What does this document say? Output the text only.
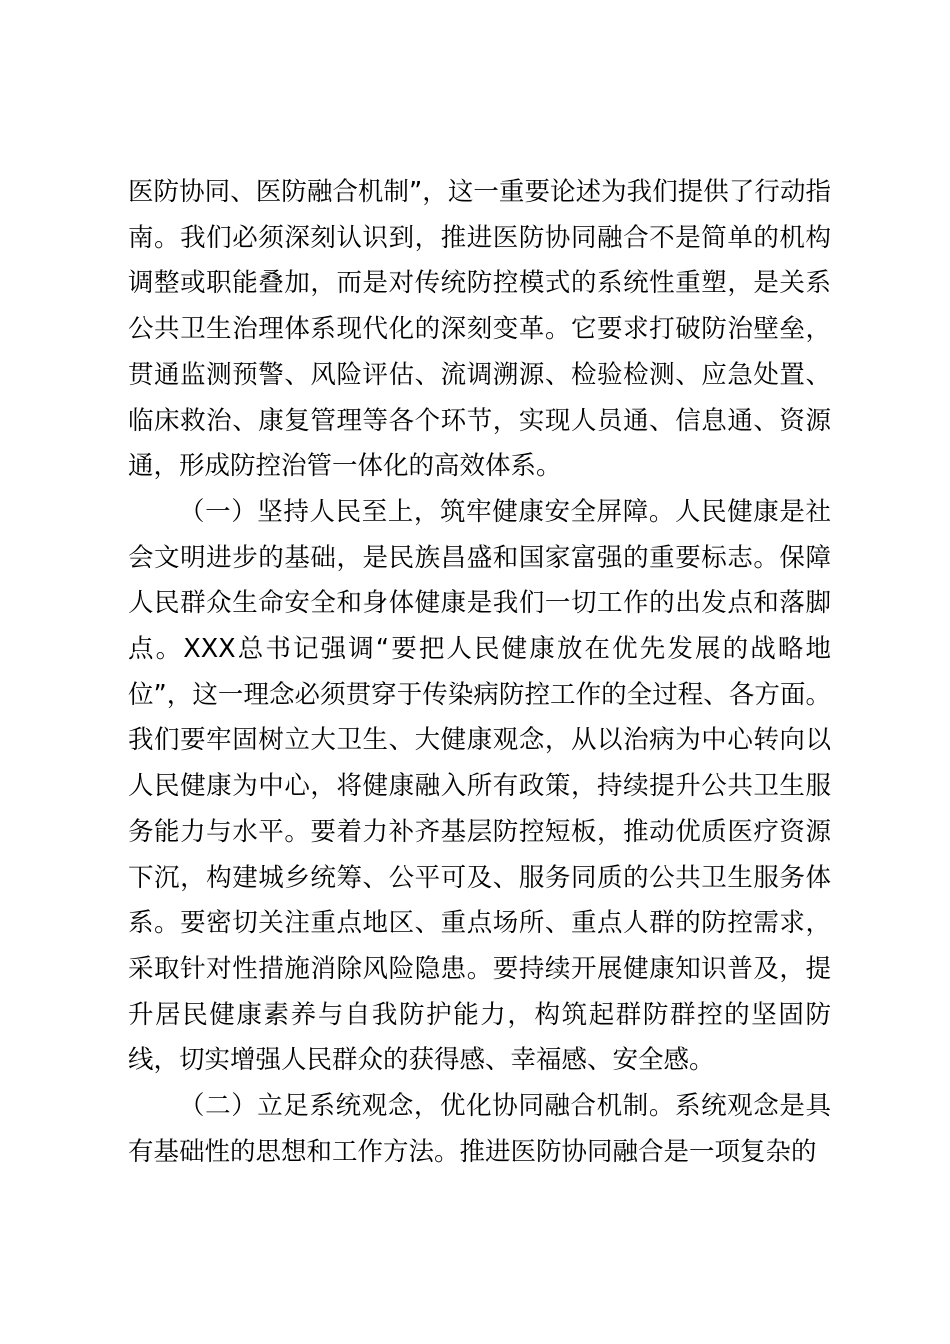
医防协同、医防融合机制”，这一重要论述为我们提供了行动指南。我们必须深刻认识到，推进医防协同融合不是简单的机构调整或职能叠加，而是对传统防控模式的系统性重塑，是关系公共卫生治理体系现代化的深刻变革。它要求打破防治壁垒，贯通监测预警、风险评估、流调溯源、检验检测、应急处置、临床救治、康复管理等各个环节，实现人员通、信息通、资源通，形成防控治管一体化的高效体系。

（一）坚持人民至上，筑牢健康安全屏障。人民健康是社会文明进步的基础，是民族昌盛和国家富强的重要标志。保障人民群众生命安全和身体健康是我们一切工作的出发点和落脚点。XXX总书记强调“要把人民健康放在优先发展的战略地位”，这一理念必须贯穿于传染病防控工作的全过程、各方面。我们要牢固树立大卫生、大健康观念，从以治病为中心转向以人民健康为中心，将健康融入所有政策，持续提升公共卫生服务能力与水平。要着力补齐基层防控短板，推动优质医疗资源下沉，构建城乡统筹、公平可及、服务同质的公共卫生服务体系。要密切关注重点地区、重点场所、重点人群的防控需求，采取针对性措施消除风险隐患。要持续开展健康知识普及，提升居民健康素养与自我防护能力，构筑起群防群控的坚固防线，切实增强人民群众的获得感、幸福感、安全感。

（二）立足系统观念，优化协同融合机制。系统观念是具有基础性的思想和工作方法。推进医防协同融合是一项复杂的
